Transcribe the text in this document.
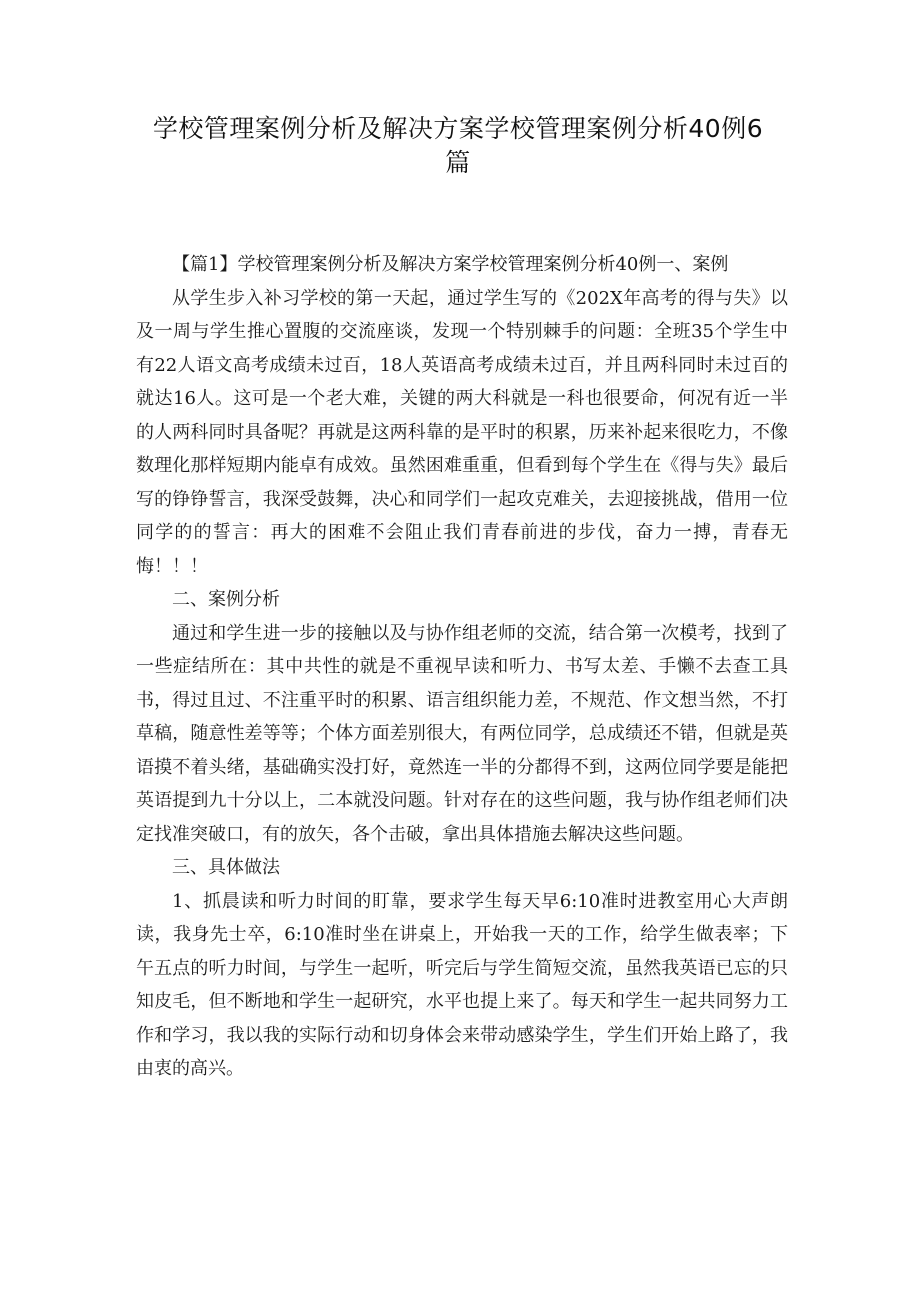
学校管理案例分析及解决方案学校管理案例分析40例6篇

【篇1】学校管理案例分析及解决方案学校管理案例分析40例一、案例

从学生步入补习学校的第一天起，通过学生写的《202X年高考的得与失》以及一周与学生推心置腹的交流座谈，发现一个特别棘手的问题：全班35个学生中有22人语文高考成绩未过百，18人英语高考成绩未过百，并且两科同时未过百的就达16人。这可是一个老大难，关键的两大科就是一科也很要命，何况有近一半的人两科同时具备呢？再就是这两科靠的是平时的积累，历来补起来很吃力，不像数理化那样短期内能卓有成效。虽然困难重重，但看到每个学生在《得与失》最后写的铮铮誓言，我深受鼓舞，决心和同学们一起攻克难关，去迎接挑战，借用一位同学的的誓言：再大的困难不会阻止我们青春前进的步伐，奋力一搏，青春无悔！！！

二、案例分析

通过和学生进一步的接触以及与协作组老师的交流，结合第一次模考，找到了一些症结所在：其中共性的就是不重视早读和听力、书写太差、手懒不去查工具书，得过且过、不注重平时的积累、语言组织能力差，不规范、作文想当然，不打草稿，随意性差等等；个体方面差别很大，有两位同学，总成绩还不错，但就是英语摸不着头绪，基础确实没打好，竟然连一半的分都得不到，这两位同学要是能把英语提到九十分以上，二本就没问题。针对存在的这些问题，我与协作组老师们决定找准突破口，有的放矢，各个击破，拿出具体措施去解决这些问题。

三、具体做法

1、抓晨读和听力时间的盯靠，要求学生每天早6:10准时进教室用心大声朗读，我身先士卒，6:10准时坐在讲桌上，开始我一天的工作，给学生做表率；下午五点的听力时间，与学生一起听，听完后与学生简短交流，虽然我英语已忘的只知皮毛，但不断地和学生一起研究，水平也提上来了。每天和学生一起共同努力工作和学习，我以我的实际行动和切身体会来带动感染学生，学生们开始上路了，我由衷的高兴。
